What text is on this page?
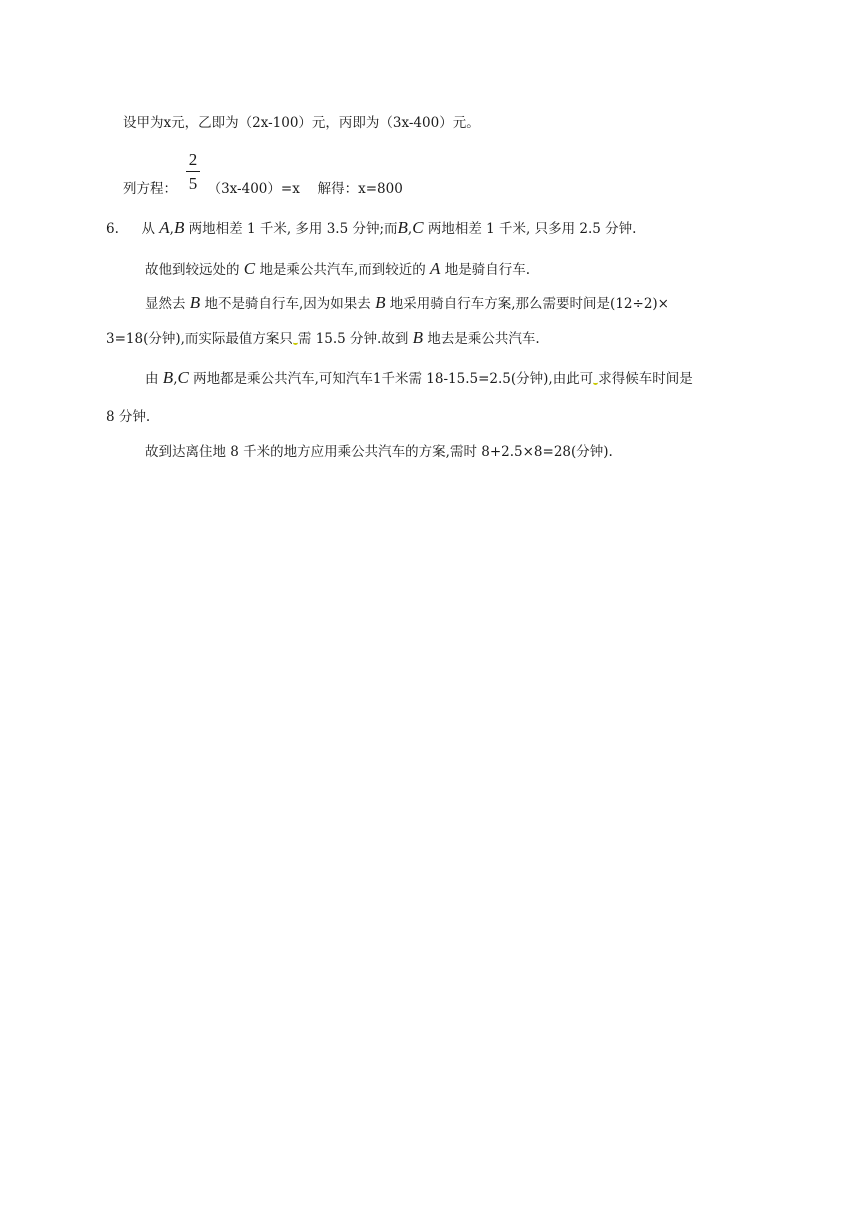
设甲为x元，乙即为（2x-100）元，丙即为（3x-400）元。
2
5
列方程： （3x-400）=x　 解得：x=800
6. 从 A,B 两地相差 1 千米, 多用 3.5 分钟;而B,C 两地相差 1 千米, 只多用 2.5 分钟.
故他到较远处的 C 地是乘公共汽车,而到较近的 A 地是骑自行车.
显然去 B 地不是骑自行车,因为如果去 B 地采用骑自行车方案,那么需要时间是(12÷2)×
3=18(分钟),而实际最值方案只 需 15.5 分钟.故到 B 地去是乘公共汽车.
由 B,C 两地都是乘公共汽车,可知汽车1千米需 18-15.5=2.5(分钟),由此可 求得候车时间是
8 分钟.
故到达离住地 8 千米的地方应用乘公共汽车的方案,需时 8+2.5×8=28(分钟).
